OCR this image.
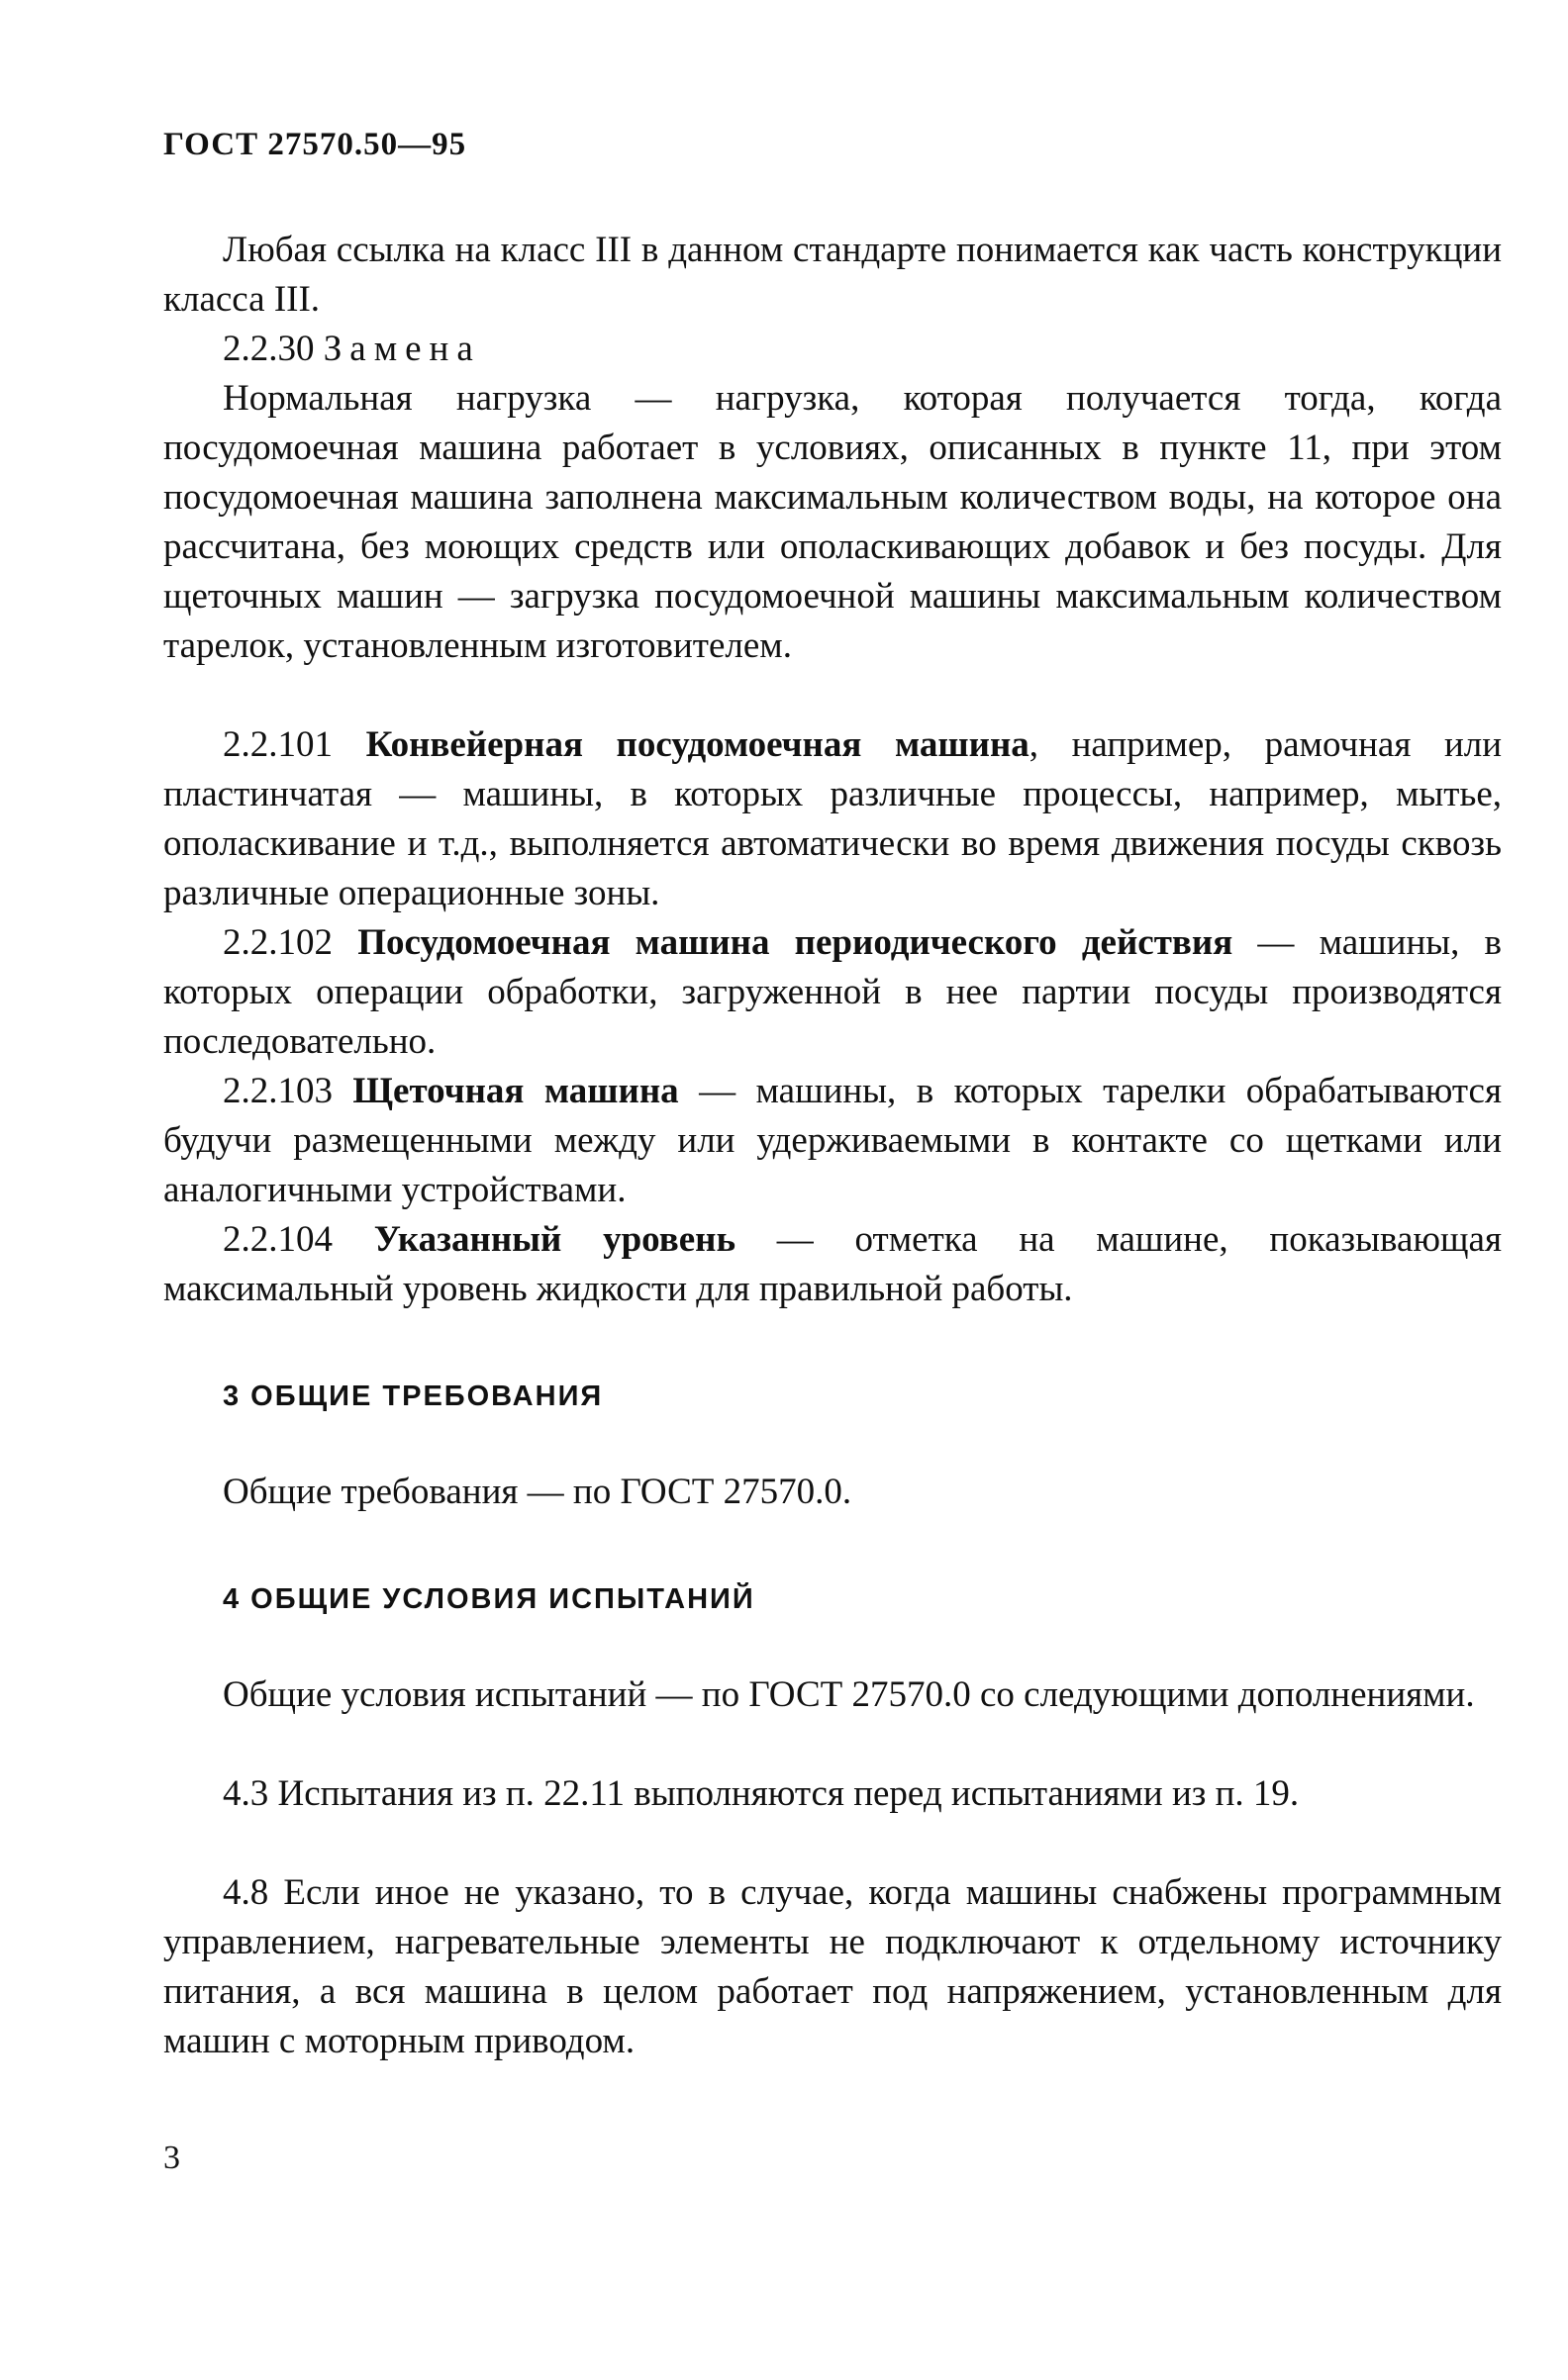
ГОСТ 27570.50—95

Любая ссылка на класс III в данном стандарте понимается как часть конструкции класса III.

2.2.30 Замена

Нормальная нагрузка — нагрузка, которая получается тогда, когда посудомоечная машина работает в условиях, описанных в пункте 11, при этом посудомоечная машина заполнена максимальным количеством воды, на которое она рассчитана, без моющих средств или ополаскивающих добавок и без посуды. Для щеточных машин — загрузка посудомоечной машины максимальным количеством тарелок, установленным изготовителем.

2.2.101 Конвейерная посудомоечная машина, например, рамочная или пластинчатая — машины, в которых различные процессы, например, мытье, ополаскивание и т.д., выполняется автоматически во время движения посуды сквозь различные операционные зоны.

2.2.102 Посудомоечная машина периодического действия — машины, в которых операции обработки, загруженной в нее партии посуды производятся последовательно.

2.2.103 Щеточная машина — машины, в которых тарелки обрабатываются будучи размещенными между или удерживаемыми в контакте со щетками или аналогичными устройствами.

2.2.104 Указанный уровень — отметка на машине, показывающая максимальный уровень жидкости для правильной работы.

3 ОБЩИЕ ТРЕБОВАНИЯ

Общие требования — по ГОСТ 27570.0.

4 ОБЩИЕ УСЛОВИЯ ИСПЫТАНИЙ

Общие условия испытаний — по ГОСТ 27570.0 со следующими дополнениями.

4.3 Испытания из п. 22.11 выполняются перед испытаниями из п. 19.

4.8 Если иное не указано, то в случае, когда машины снабжены программным управлением, нагревательные элементы не подключают к отдельному источнику питания, а вся машина в целом работает под напряжением, установленным для машин с моторным приводом.

3
